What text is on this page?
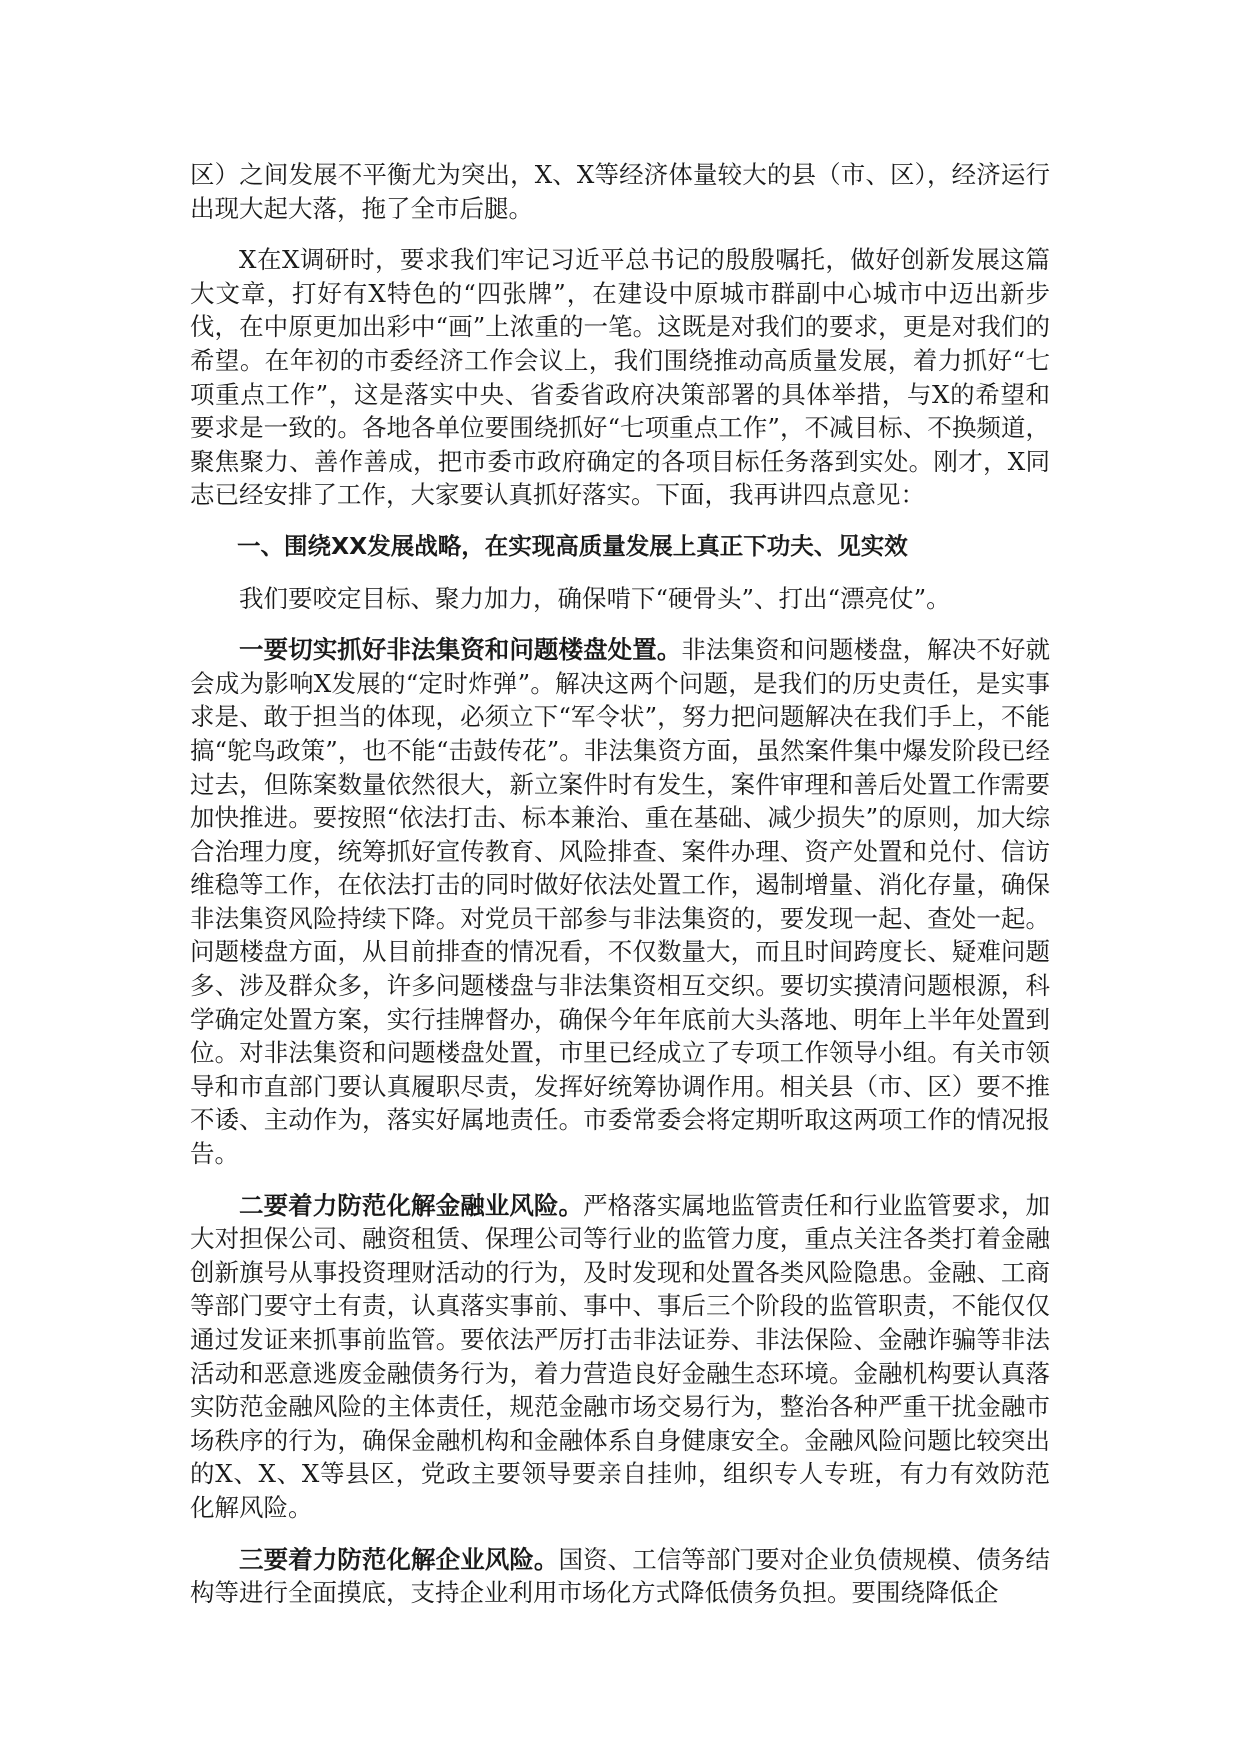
区）之间发展不平衡尤为突出，X、X等经济体量较大的县（市、区），经济运行出现大起大落，拖了全市后腿。

X在X调研时，要求我们牢记习近平总书记的殷殷嘱托，做好创新发展这篇大文章，打好有X特色的“四张牌”，在建设中原城市群副中心城市中迈出新步伐，在中原更加出彩中“画”上浓重的一笔。这既是对我们的要求，更是对我们的希望。在年初的市委经济工作会议上，我们围绕推动高质量发展，着力抓好“七项重点工作”，这是落实中央、省委省政府决策部署的具体举措，与X的希望和要求是一致的。各地各单位要围绕抓好“七项重点工作”，不减目标、不换频道，聚焦聚力、善作善成，把市委市政府确定的各项目标任务落到实处。刚才，X同志已经安排了工作，大家要认真抓好落实。下面，我再讲四点意见：

一、围绕XX发展战略，在实现高质量发展上真正下功夫、见实效

我们要咬定目标、聚力加力，确保啃下“硬骨头”、打出“漂亮仗”。

一要切实抓好非法集资和问题楼盘处置。非法集资和问题楼盘，解决不好就会成为影响X发展的“定时炸弹”。解决这两个问题，是我们的历史责任，是实事求是、敢于担当的体现，必须立下“军令状”，努力把问题解决在我们手上，不能搞“鸵鸟政策”，也不能“击鼓传花”。非法集资方面，虽然案件集中爆发阶段已经过去，但陈案数量依然很大，新立案件时有发生，案件审理和善后处置工作需要加快推进。要按照“依法打击、标本兼治、重在基础、减少损失”的原则，加大综合治理力度，统筹抓好宣传教育、风险排查、案件办理、资产处置和兑付、信访维稳等工作，在依法打击的同时做好依法处置工作，遏制增量、消化存量，确保非法集资风险持续下降。对党员干部参与非法集资的，要发现一起、查处一起。问题楼盘方面，从目前排查的情况看，不仅数量大，而且时间跨度长、疑难问题多、涉及群众多，许多问题楼盘与非法集资相互交织。要切实摸清问题根源，科学确定处置方案，实行挂牌督办，确保今年年底前大头落地、明年上半年处置到位。对非法集资和问题楼盘处置，市里已经成立了专项工作领导小组。有关市领导和市直部门要认真履职尽责，发挥好统筹协调作用。相关县（市、区）要不推不诿、主动作为，落实好属地责任。市委常委会将定期听取这两项工作的情况报告。

二要着力防范化解金融业风险。严格落实属地监管责任和行业监管要求，加大对担保公司、融资租赁、保理公司等行业的监管力度，重点关注各类打着金融创新旗号从事投资理财活动的行为，及时发现和处置各类风险隐患。金融、工商等部门要守土有责，认真落实事前、事中、事后三个阶段的监管职责，不能仅仅通过发证来抓事前监管。要依法严厉打击非法证券、非法保险、金融诈骗等非法活动和恶意逃废金融债务行为，着力营造良好金融生态环境。金融机构要认真落实防范金融风险的主体责任，规范金融市场交易行为，整治各种严重干扰金融市场秩序的行为，确保金融机构和金融体系自身健康安全。金融风险问题比较突出的X、X、X等县区，党政主要领导要亲自挂帅，组织专人专班，有力有效防范化解风险。

三要着力防范化解企业风险。国资、工信等部门要对企业负债规模、债务结构等进行全面摸底，支持企业利用市场化方式降低债务负担。要围绕降低企
